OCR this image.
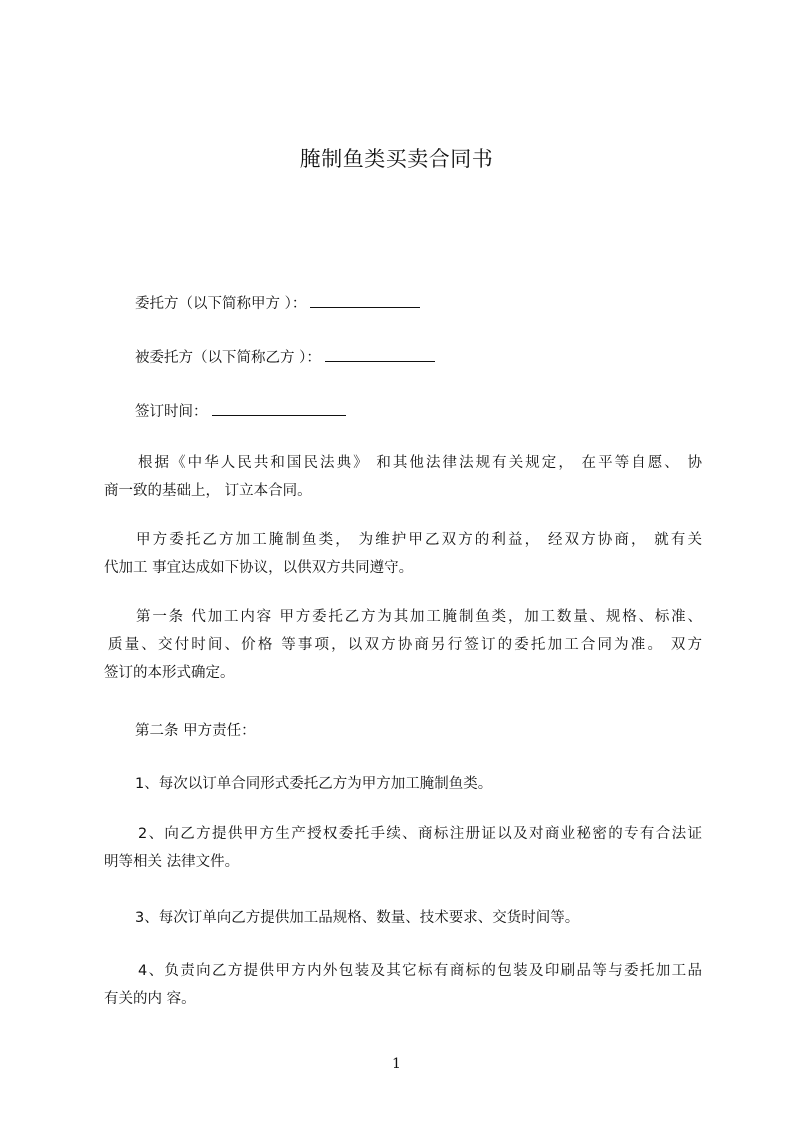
腌制鱼类买卖合同书
委托方（以下简称甲方 ）：
被委托方（以下简称乙方 ）：
签订时间：
根据《中华人民共和国民法典》 和其他法律法规有关规定， 在平等自愿、 协
商一致的基础上， 订立本合同。
甲方委托乙方加工腌制鱼类， 为维护甲乙双方的利益， 经双方协商， 就有关
代加工 事宜达成如下协议，以供双方共同遵守。
第一条 代加工内容 甲方委托乙方为其加工腌制鱼类，加工数量、规格、标准、
质量、交付时间、价格 等事项，以双方协商另行签订的委托加工合同为准。 双方
签订的本形式确定。
第二条 甲方责任：
1、每次以订单合同形式委托乙方为甲方加工腌制鱼类。
2、向乙方提供甲方生产授权委托手续、商标注册证以及对商业秘密的专有合法证
明等相关 法律文件。
3、每次订单向乙方提供加工品规格、数量、技术要求、交货时间等。
4、负责向乙方提供甲方内外包装及其它标有商标的包装及印刷品等与委托加工品
有关的内 容。
1
